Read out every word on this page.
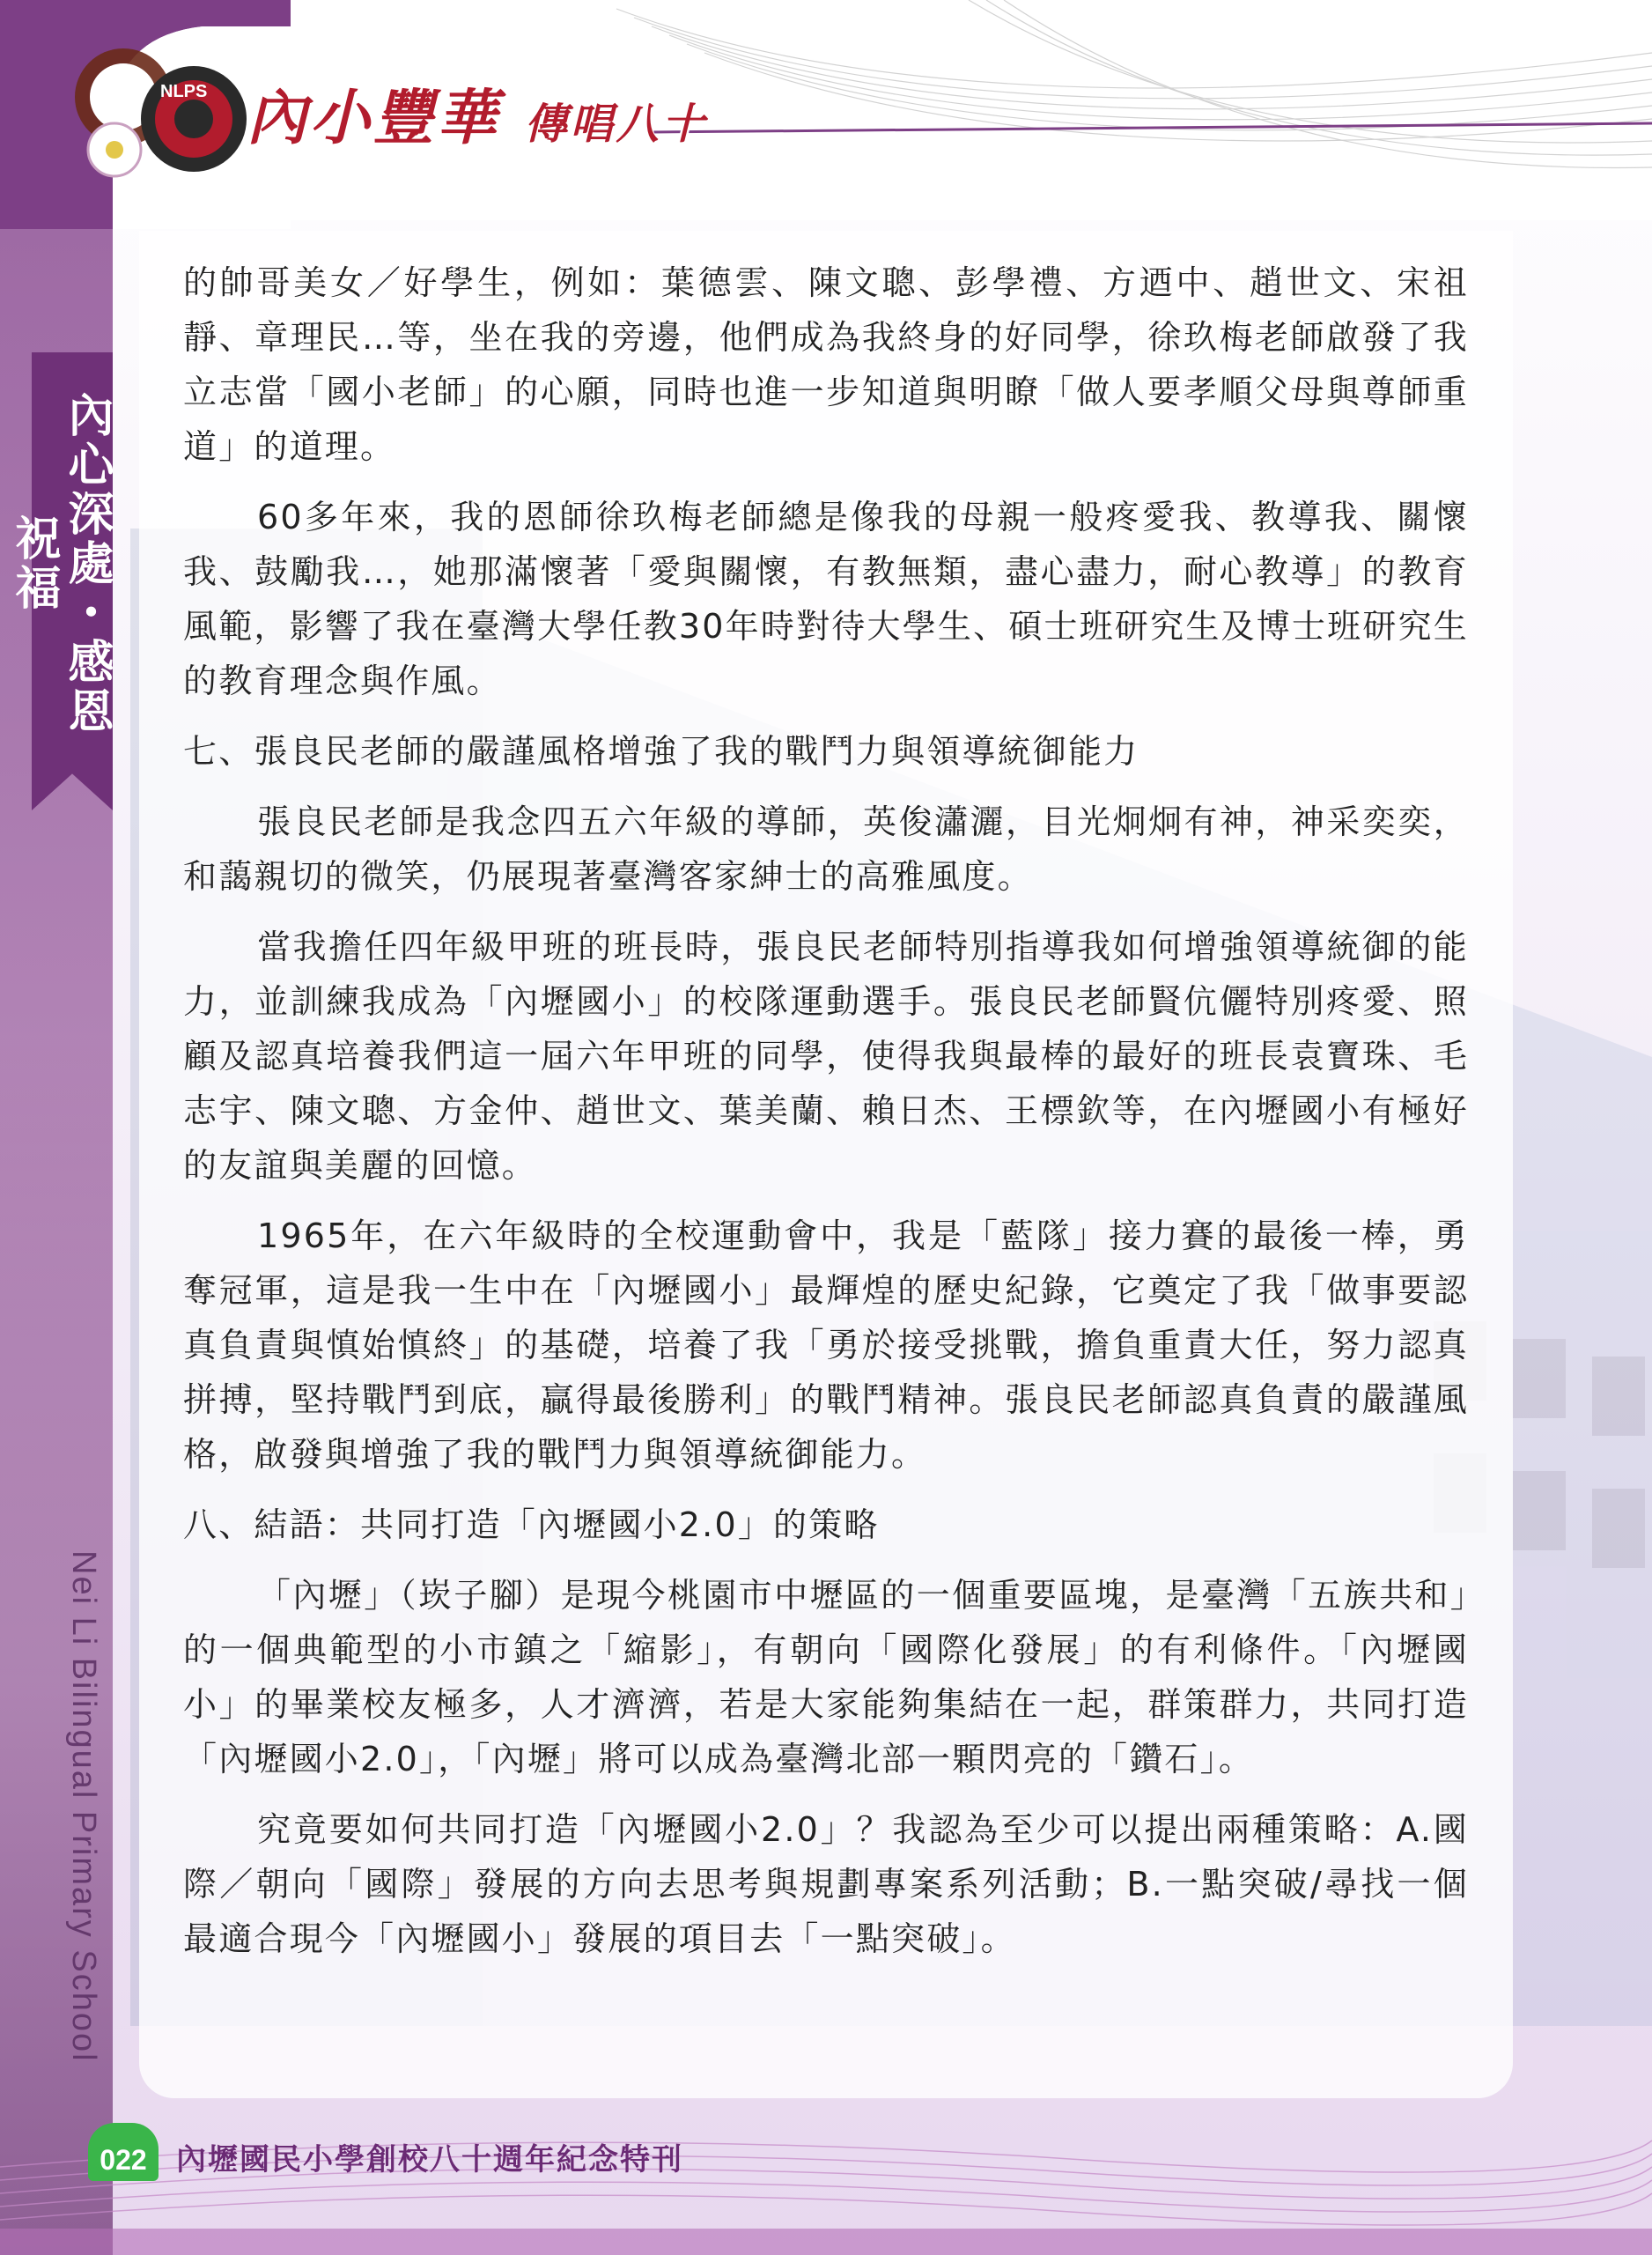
NLPS 內小豐華 傳唱八十
內心深處・感恩祝福
Nei Li Bilingual Primary School

的帥哥美女／好學生，例如：葉德雲、陳文聰、彭學禮、方迺中、趙世文、宋祖靜、章理民…等，坐在我的旁邊，他們成為我終身的好同學，徐玖梅老師啟發了我立志當「國小老師」的心願，同時也進一步知道與明瞭「做人要孝順父母與尊師重道」的道理。

60多年來，我的恩師徐玖梅老師總是像我的母親一般疼愛我、教導我、關懷我、鼓勵我…，她那滿懷著「愛與關懷，有教無類，盡心盡力，耐心教導」的教育風範，影響了我在臺灣大學任教30年時對待大學生、碩士班研究生及博士班研究生的教育理念與作風。

七、張良民老師的嚴謹風格增強了我的戰鬥力與領導統御能力

張良民老師是我念四五六年級的導師，英俊瀟灑，目光炯炯有神，神采奕奕，和藹親切的微笑，仍展現著臺灣客家紳士的高雅風度。

當我擔任四年級甲班的班長時，張良民老師特別指導我如何增強領導統御的能力，並訓練我成為「內壢國小」的校隊運動選手。張良民老師賢伉儷特別疼愛、照顧及認真培養我們這一屆六年甲班的同學，使得我與最棒的最好的班長袁寶珠、毛志宇、陳文聰、方金仲、趙世文、葉美蘭、賴日杰、王標欽等，在內壢國小有極好的友誼與美麗的回憶。

1965年，在六年級時的全校運動會中，我是「藍隊」接力賽的最後一棒，勇奪冠軍，這是我一生中在「內壢國小」最輝煌的歷史紀錄，它奠定了我「做事要認真負責與慎始慎終」的基礎，培養了我「勇於接受挑戰，擔負重責大任，努力認真拼搏，堅持戰鬥到底，贏得最後勝利」的戰鬥精神。張良民老師認真負責的嚴謹風格，啟發與增強了我的戰鬥力與領導統御能力。

八、結語：共同打造「內壢國小2.0」的策略

「內壢」（崁子腳）是現今桃園市中壢區的一個重要區塊，是臺灣「五族共和」的一個典範型的小市鎮之「縮影」，有朝向「國際化發展」的有利條件。「內壢國小」的畢業校友極多，人才濟濟，若是大家能夠集結在一起，群策群力，共同打造「內壢國小2.0」，「內壢」將可以成為臺灣北部一顆閃亮的「鑽石」。

究竟要如何共同打造「內壢國小2.0」？我認為至少可以提出兩種策略：A.國際／朝向「國際」發展的方向去思考與規劃專案系列活動；B.一點突破/尋找一個最適合現今「內壢國小」發展的項目去「一點突破」。

022 內壢國民小學創校八十週年紀念特刊
